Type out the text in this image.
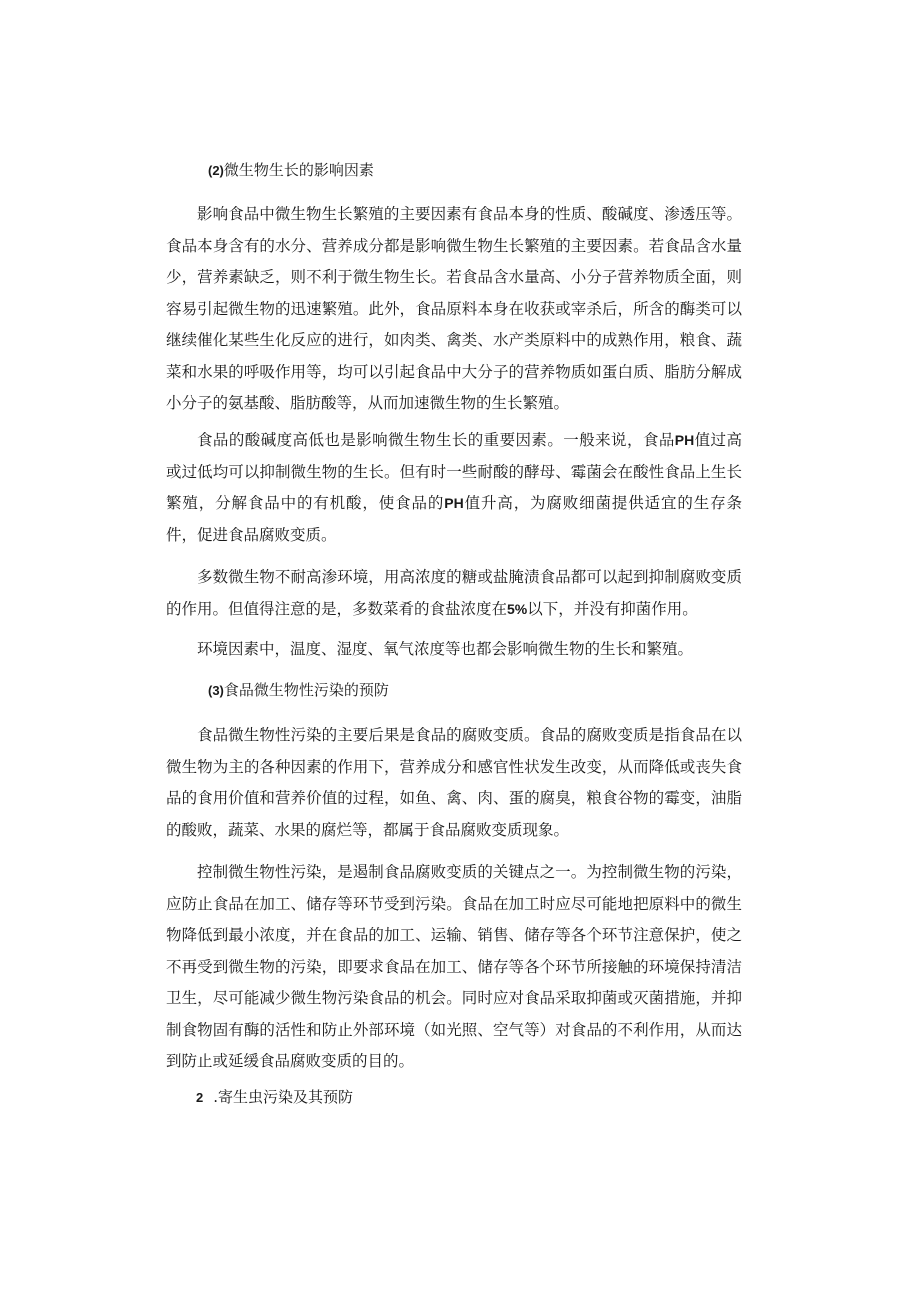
(2)微生物生长的影响因素

影响食品中微生物生长繁殖的主要因素有食品本身的性质、酸碱度、渗透压等。食品本身含有的水分、营养成分都是影响微生物生长繁殖的主要因素。若食品含水量少，营养素缺乏，则不利于微生物生长。若食品含水量高、小分子营养物质全面，则容易引起微生物的迅速繁殖。此外，食品原料本身在收获或宰杀后，所含的酶类可以继续催化某些生化反应的进行，如肉类、禽类、水产类原料中的成熟作用，粮食、蔬菜和水果的呼吸作用等，均可以引起食品中大分子的营养物质如蛋白质、脂肪分解成小分子的氨基酸、脂肪酸等，从而加速微生物的生长繁殖。

食品的酸碱度高低也是影响微生物生长的重要因素。一般来说，食品PH值过高或过低均可以抑制微生物的生长。但有时一些耐酸的酵母、霉菌会在酸性食品上生长繁殖，分解食品中的有机酸，使食品的PH值升高，为腐败细菌提供适宜的生存条件，促进食品腐败变质。

多数微生物不耐高渗环境，用高浓度的糖或盐腌渍食品都可以起到抑制腐败变质的作用。但值得注意的是，多数菜肴的食盐浓度在5%以下，并没有抑菌作用。

环境因素中，温度、湿度、氧气浓度等也都会影响微生物的生长和繁殖。

(3)食品微生物性污染的预防

食品微生物性污染的主要后果是食品的腐败变质。食品的腐败变质是指食品在以微生物为主的各种因素的作用下，营养成分和感官性状发生改变，从而降低或丧失食品的食用价值和营养价值的过程，如鱼、禽、肉、蛋的腐臭，粮食谷物的霉变，油脂的酸败，蔬菜、水果的腐烂等，都属于食品腐败变质现象。

控制微生物性污染，是遏制食品腐败变质的关键点之一。为控制微生物的污染，应防止食品在加工、储存等环节受到污染。食品在加工时应尽可能地把原料中的微生物降低到最小浓度，并在食品的加工、运输、销售、储存等各个环节注意保护，使之不再受到微生物的污染，即要求食品在加工、储存等各个环节所接触的环境保持清洁卫生，尽可能减少微生物污染食品的机会。同时应对食品采取抑菌或灭菌措施，并抑制食物固有酶的活性和防止外部环境（如光照、空气等）对食品的不利作用，从而达到防止或延缓食品腐败变质的目的。

2 .寄生虫污染及其预防
